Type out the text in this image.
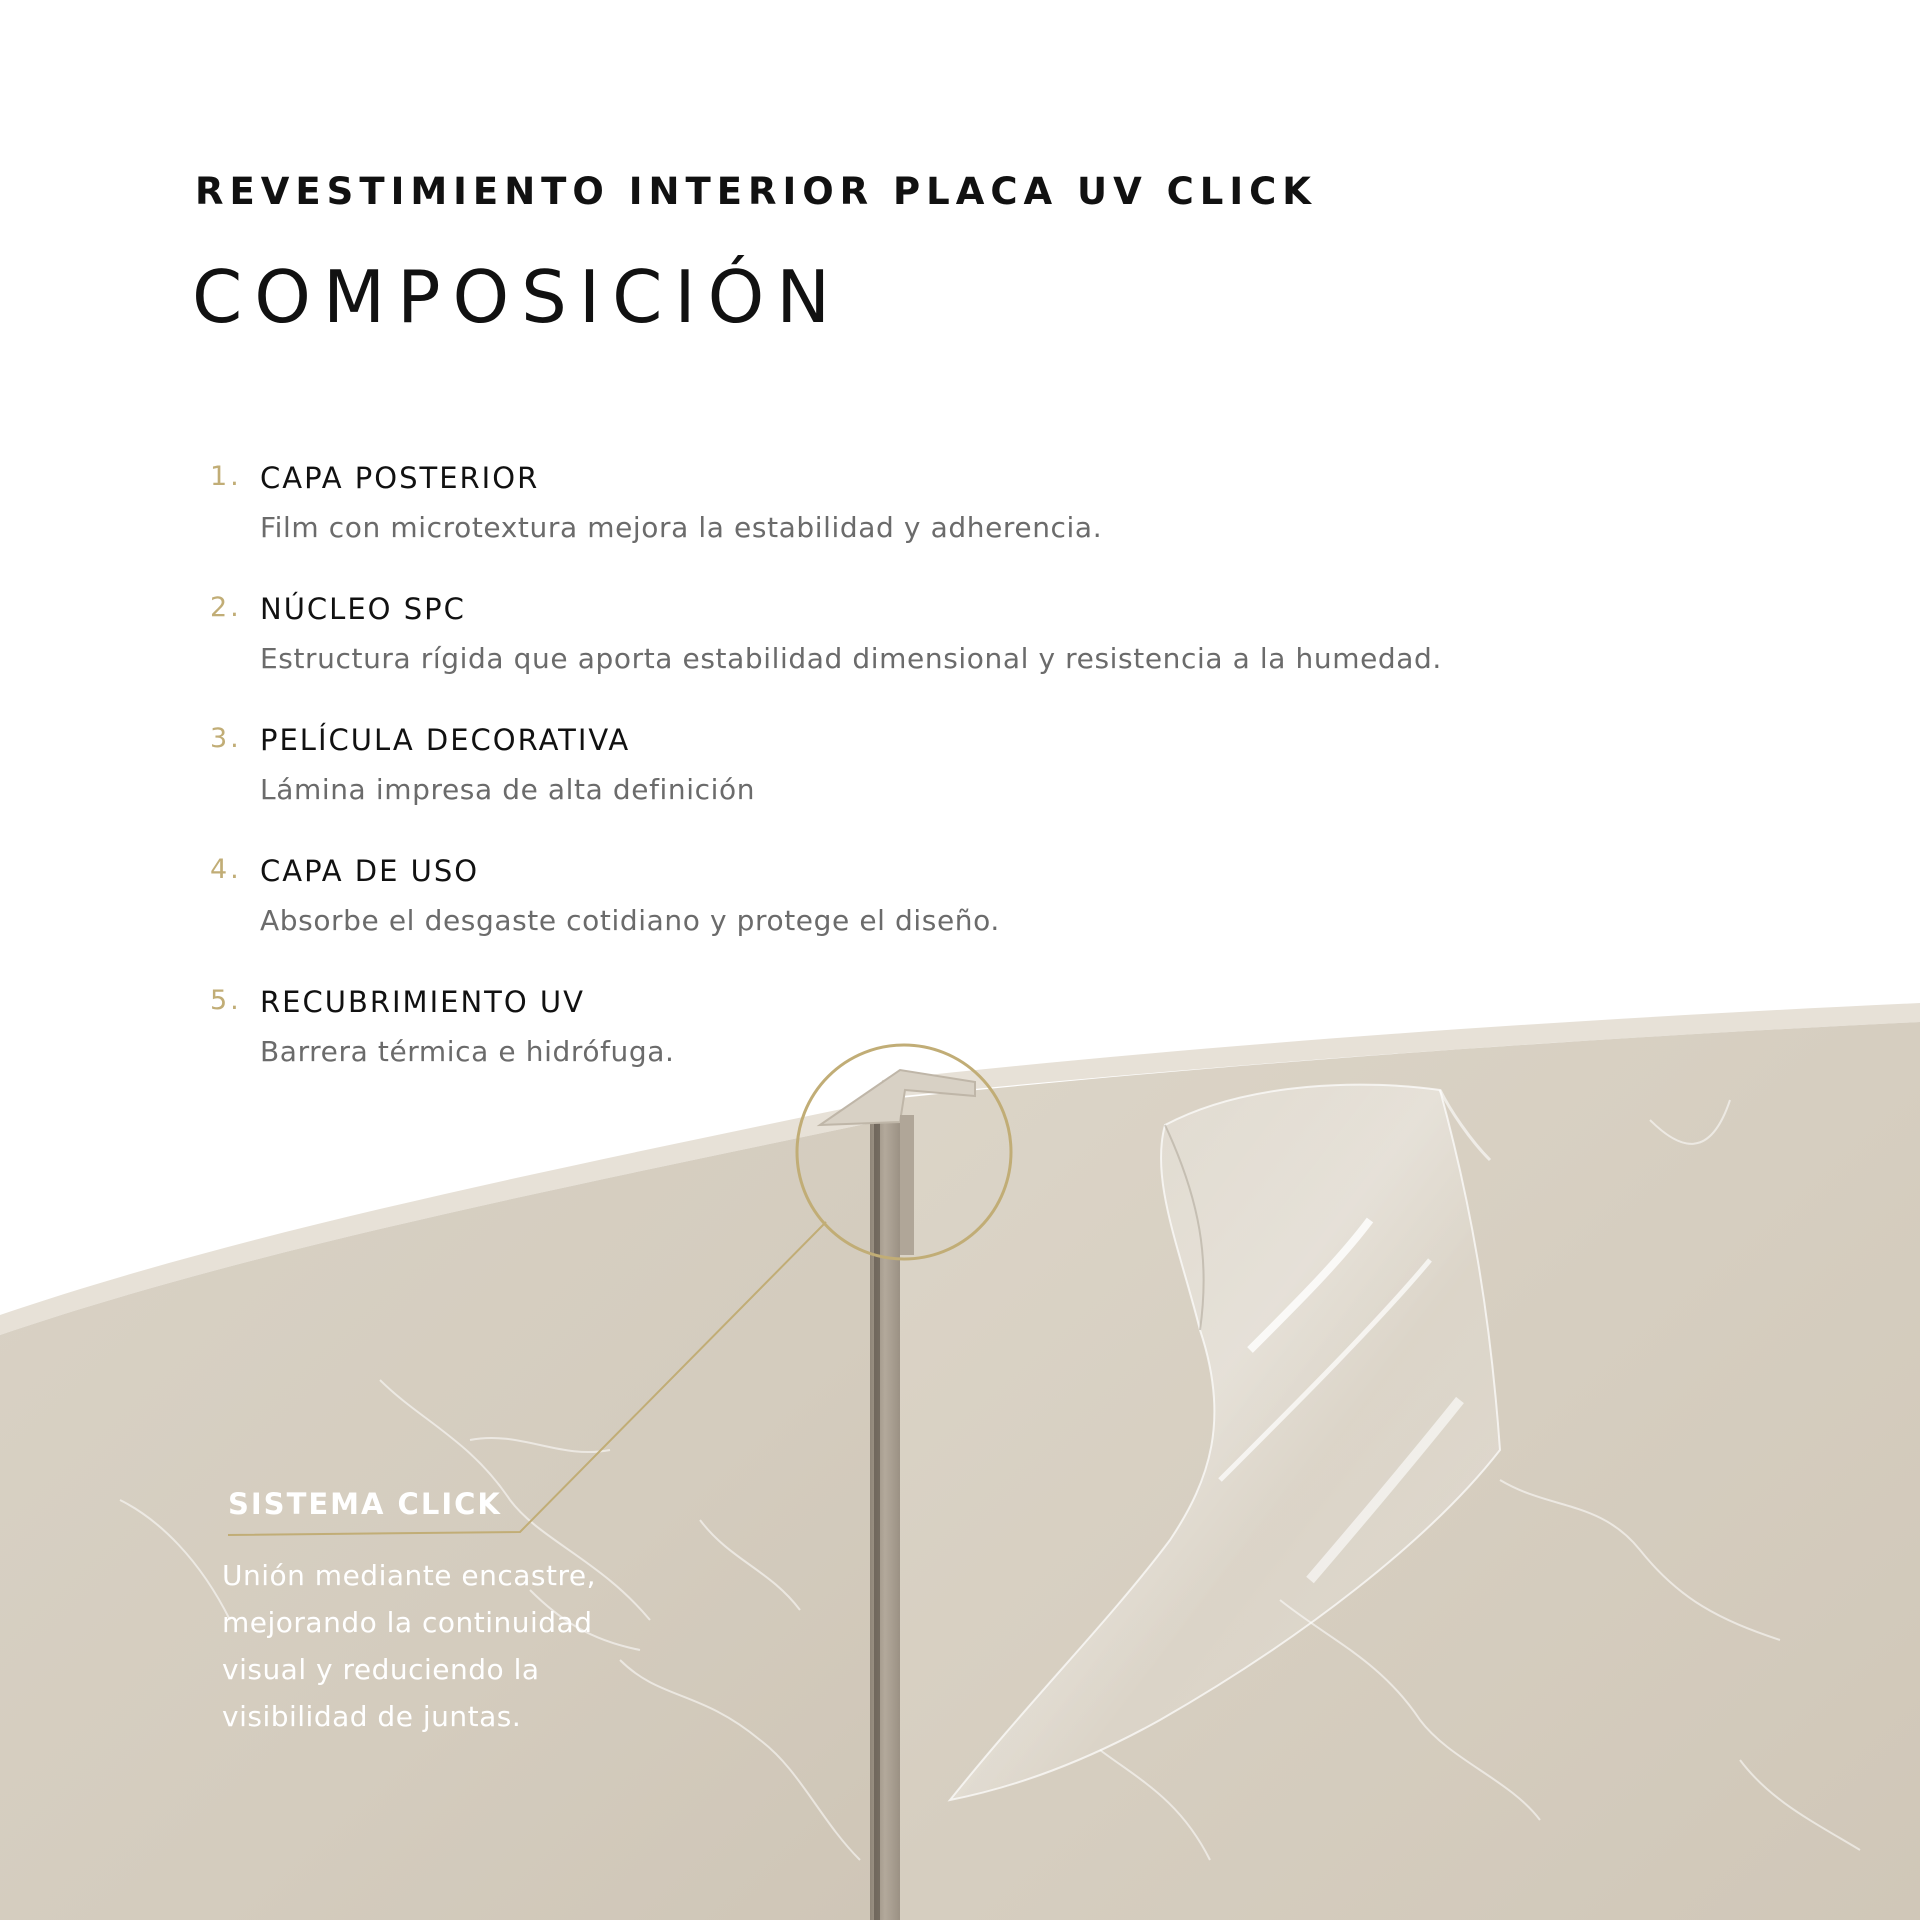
REVESTIMIENTO INTERIOR PLACA UV CLICK
COMPOSICIÓN
1. CAPA POSTERIOR
Film con microtextura mejora la estabilidad y adherencia.
2. NÚCLEO SPC
Estructura rígida que aporta estabilidad dimensional y resistencia a la humedad.
3. PELÍCULA DECORATIVA
Lámina impresa de alta definición
4. CAPA DE USO
Absorbe el desgaste cotidiano y protege el diseño.
5. RECUBRIMIENTO UV
Barrera térmica e hidrófuga.
SISTEMA CLICK

Unión mediante encastre, mejorando la continuidad visual y reduciendo la visibilidad de juntas.
